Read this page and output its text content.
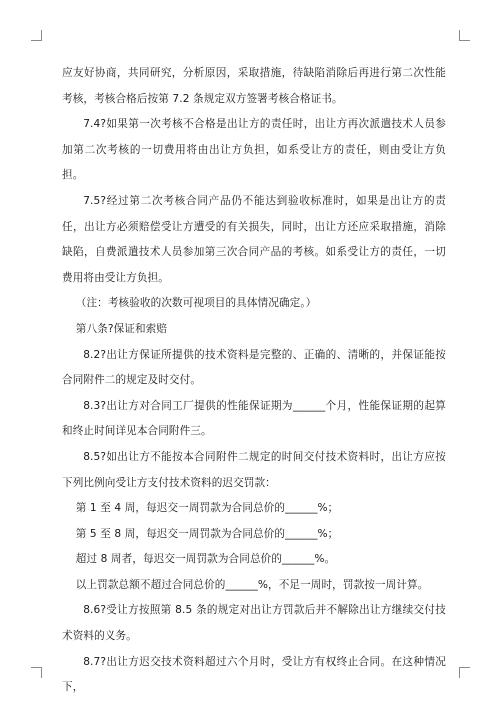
应友好协商，共同研究，分析原因，采取措施，待缺陷消除后再进行第二次性能考核，考核合格后按第 7.2 条规定双方签署考核合格证书。

7.4?如果第一次考核不合格是出让方的责任时，出让方再次派遣技术人员参加第二次考核的一切费用将由出让方负担，如系受让方的责任，则由受让方负担。

7.5?经过第二次考核合同产品仍不能达到验收标准时，如果是出让方的责任，出让方必须赔偿受让方遭受的有关损失，同时，出让方还应采取措施，消除缺陷，自费派遣技术人员参加第三次合同产品的考核。如系受让方的责任，一切费用将由受让方负担。

（注：考核验收的次数可视项目的具体情况确定。）

第八条?保证和索赔

8.2?出让方保证所提供的技术资料是完整的、正确的、清晰的，并保证能按合同附件二的规定及时交付。

8.3?出让方对合同工厂提供的性能保证期为______个月，性能保证期的起算和终止时间详见本合同附件三。

8.5?如出让方不能按本合同附件二规定的时间交付技术资料时，出让方应按下列比例向受让方支付技术资料的迟交罚款：

第 1 至 4 周，每迟交一周罚款为合同总价的______%；

第 5 至 8 周，每迟交一周罚款为合同总价的______%；

超过 8 周者，每迟交一周罚款为合同总价的______%。

以上罚款总额不超过合同总价的______%，不足一周时，罚款按一周计算。

8.6?受让方按照第 8.5 条的规定对出让方罚款后并不解除出让方继续交付技术资料的义务。

8.7?出让方迟交技术资料超过六个月时，受让方有权终止合同。在这种情况下，
